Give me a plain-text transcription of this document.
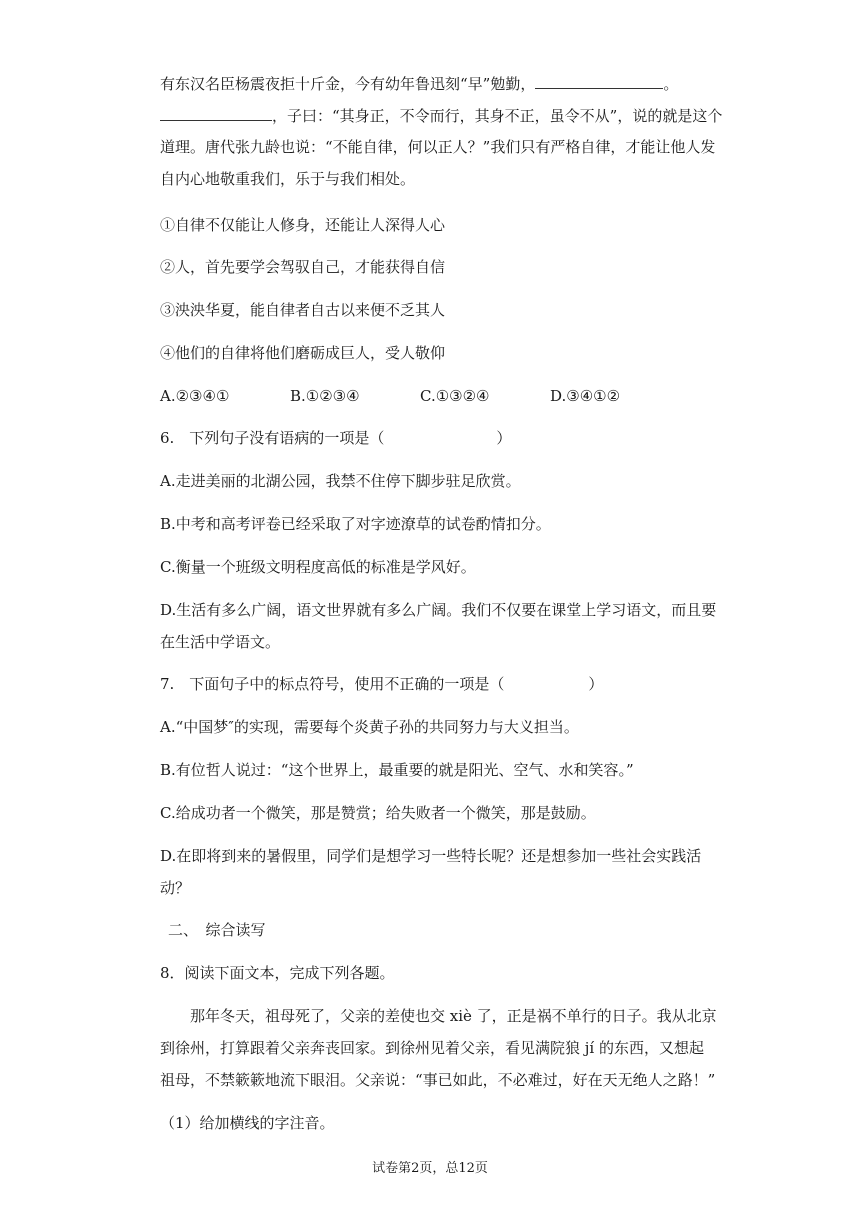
有东汉名臣杨震夜拒十斤金，今有幼年鲁迅刻“早”勉勤，	。
，子曰：“其身正，不令而行，其身不正，虽令不从”，说的就是这个
道理。唐代张九龄也说：“不能自律，何以正人？”我们只有严格自律，才能让他人发
自内心地敬重我们，乐于与我们相处。
①自律不仅能让人修身，还能让人深得人心
②人，首先要学会驾驭自己，才能获得自信
③泱泱华夏，能自律者自古以来便不乏其人
④他们的自律将他们磨砺成巨人，受人敬仰
A.②③④①	B.①②③④	C.①③②④	D.③④①②
6.　下列句子没有语病的一项是（	）
A.走进美丽的北湖公园，我禁不住停下脚步驻足欣赏。
B.中考和高考评卷已经采取了对字迹潦草的试卷酌情扣分。
C.衡量一个班级文明程度高低的标准是学风好。
D.生活有多么广阔，语文世界就有多么广阔。我们不仅要在课堂上学习语文，而且要
在生活中学语文。
7.　下面句子中的标点符号，使用不正确的一项是（	）
A.“中国梦″的实现，需要每个炎黄子孙的共同努力与大义担当。
B.有位哲人说过：“这个世界上，最重要的就是阳光、空气、水和笑容。”
C.给成功者一个微笑，那是赞赏；给失败者一个微笑，那是鼓励。
D.在即将到来的暑假里，同学们是想学习一些特长呢？还是想参加一些社会实践活
动？
二、　综合读写
8．阅读下面文本，完成下列各题。
那年冬天，祖母死了，父亲的差使也交 xiè 了，正是祸不单行的日子。我从北京
到徐州，打算跟着父亲奔丧回家。到徐州见着父亲，看见满院狼 jí 的东西，又想起
祖母，不禁簌簌地流下眼泪。父亲说：“事已如此，不必难过，好在天无绝人之路！”
（1）给加横线的字注音。
试卷第2页，总12页
